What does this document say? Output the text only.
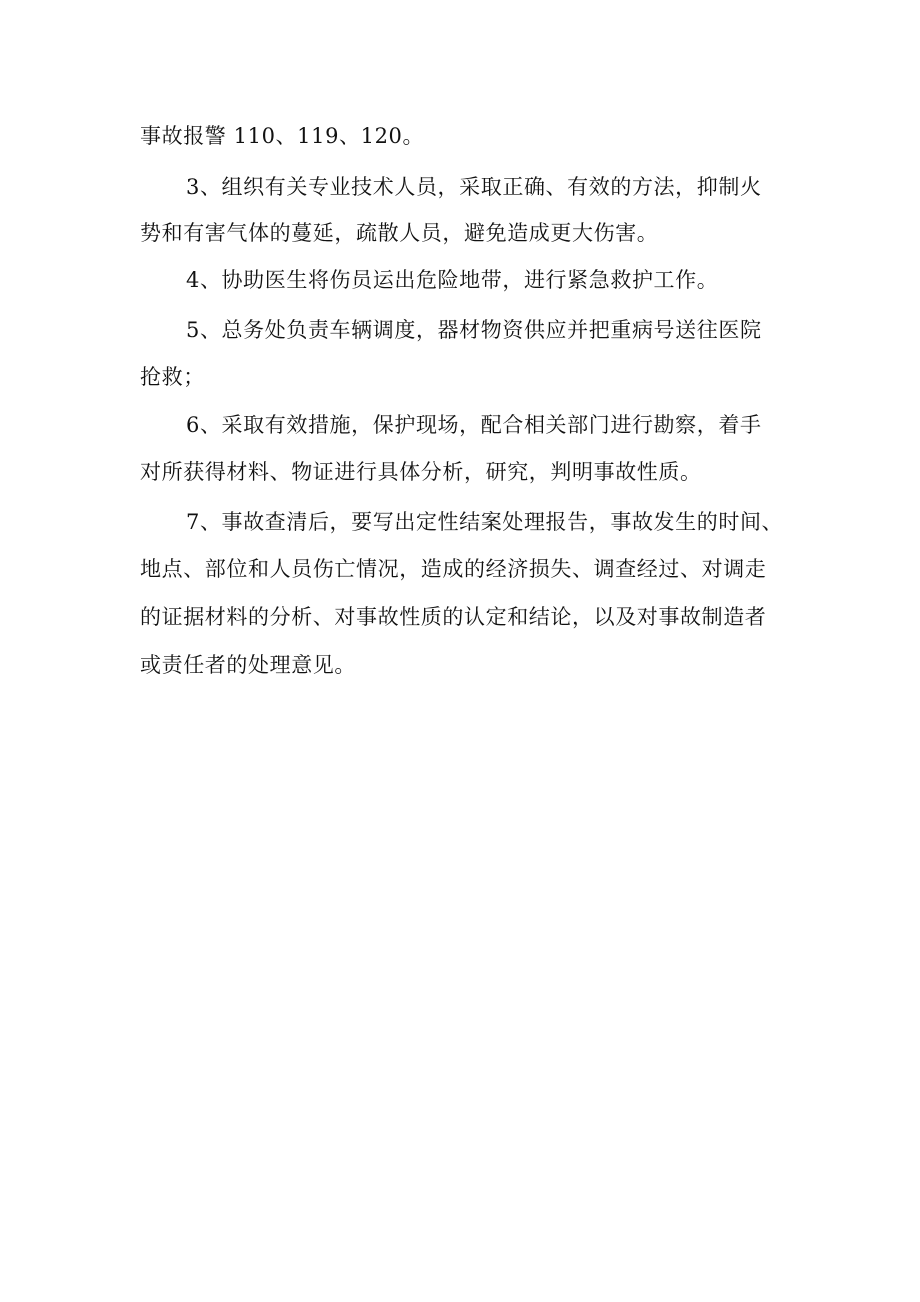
事故报警 110、119、120。

3、组织有关专业技术人员，采取正确、有效的方法，抑制火

势和有害气体的蔓延，疏散人员，避免造成更大伤害。

4、协助医生将伤员运出危险地带，进行紧急救护工作。

5、总务处负责车辆调度，器材物资供应并把重病号送往医院

抢救；

6、采取有效措施，保护现场，配合相关部门进行勘察，着手

对所获得材料、物证进行具体分析，研究，判明事故性质。

7、事故查清后，要写出定性结案处理报告，事故发生的时间、

地点、部位和人员伤亡情况，造成的经济损失、调查经过、对调走

的证据材料的分析、对事故性质的认定和结论，以及对事故制造者

或责任者的处理意见。
